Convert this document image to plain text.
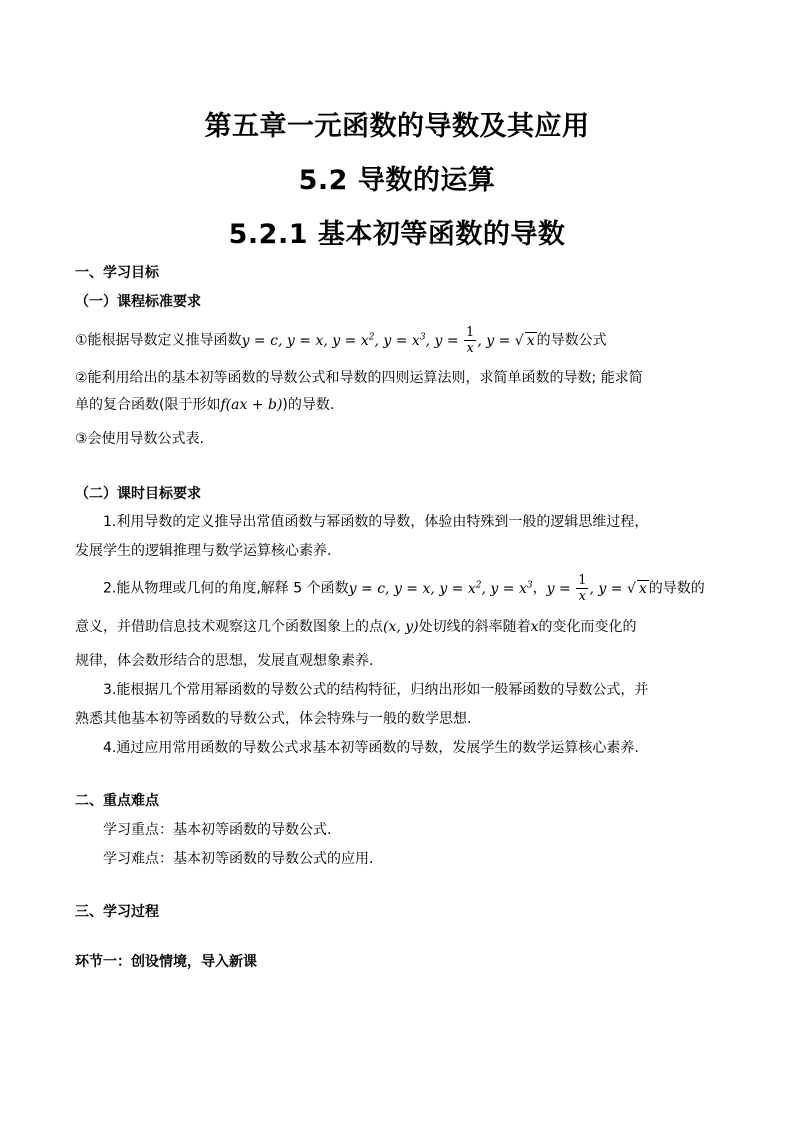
第五章一元函数的导数及其应用
5.2 导数的运算
5.2.1 基本初等函数的导数
一、学习目标
（一）课程标准要求
①能根据导数定义推导函数y = c, y = x, $y = x^2$, $y = x^3$, $y = \frac{1}{x}$ , y = √ x 的导数公式
②能利用给出的基本初等函数的导数公式和导数的四则运算法则，求简单函数的导数; 能求简
单的复合函数(限于形如f(ax + b))的导数.
③会使用导数公式表.
（二）课时目标要求
1.利用导数的定义推导出常值函数与幂函数的导数，体验由特殊到一般的逻辑思维过程，
发展学生的逻辑推理与数学运算核心素养.
2.能从物理或几何的角度,解释 5 个函数y = c, y = x, $y = x^2$, $y = x^3$，$y = \frac{1}{x}$ , y = √ x 的导数的
意义，并借助信息技术观察这几个函数图象上的点(x, y)处切线的斜率随着x的变化而变化的
规律，体会数形结合的思想，发展直观想象素养.
3.能根据几个常用幂函数的导数公式的结构特征，归纳出形如一般幂函数的导数公式，并
熟悉其他基本初等函数的导数公式，体会特殊与一般的数学思想.
4.通过应用常用函数的导数公式求基本初等函数的导数，发展学生的数学运算核心素养.
二、重点难点
学习重点：基本初等函数的导数公式.
学习难点：基本初等函数的导数公式的应用.
三、学习过程
环节一：创设情境，导入新课
